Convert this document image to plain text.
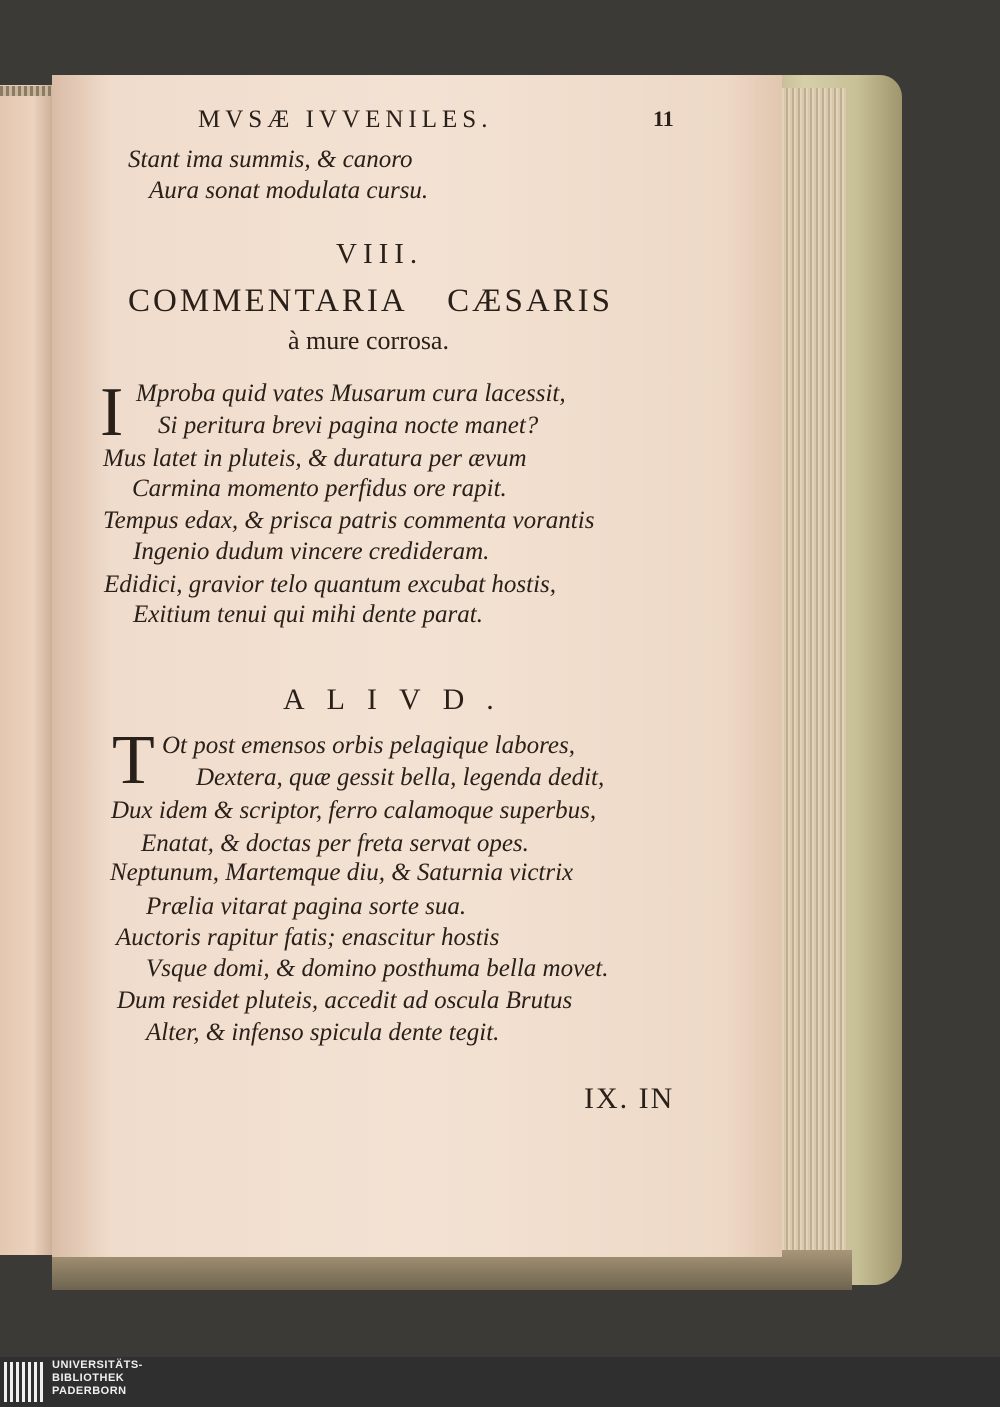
MVSÆ IVVENILES.	11
Stant ima summis, & canoro
Aura sonat modulata cursu.
VIII.
COMMENTARIA CÆSARIS
à mure corrosa.
I Mproba quid vates Musarum cura lacessit,
Si peritura brevi pagina nocte manet?
Mus latet in pluteis, & duratura per ævum
Carmina momento perfidus ore rapit.
Tempus edax, & prisca patris commenta vorantis
Ingenio dudum vincere credideram.
Edidici, gravior telo quantum excubat hostis,
Exitium tenui qui mihi dente parat.
ALIVD.
T Ot post emensos orbis pelagique labores,
Dextera, quæ gessit bella, legenda dedit,
Dux idem & scriptor, ferro calamoque superbus,
Enatat, & doctas per freta servat opes.
Neptunum, Martemque diu, & Saturnia victrix
Prælia vitarat pagina sorte sua.
Auctoris rapitur fatis; enascitur hostis
Vsque domi, & domino posthuma bella movet.
Dum residet pluteis, accedit ad oscula Brutus
Alter, & infenso spicula dente tegit.
IX. IN
UNIVERSITÄTS-
BIBLIOTHEK
PADERBORN
